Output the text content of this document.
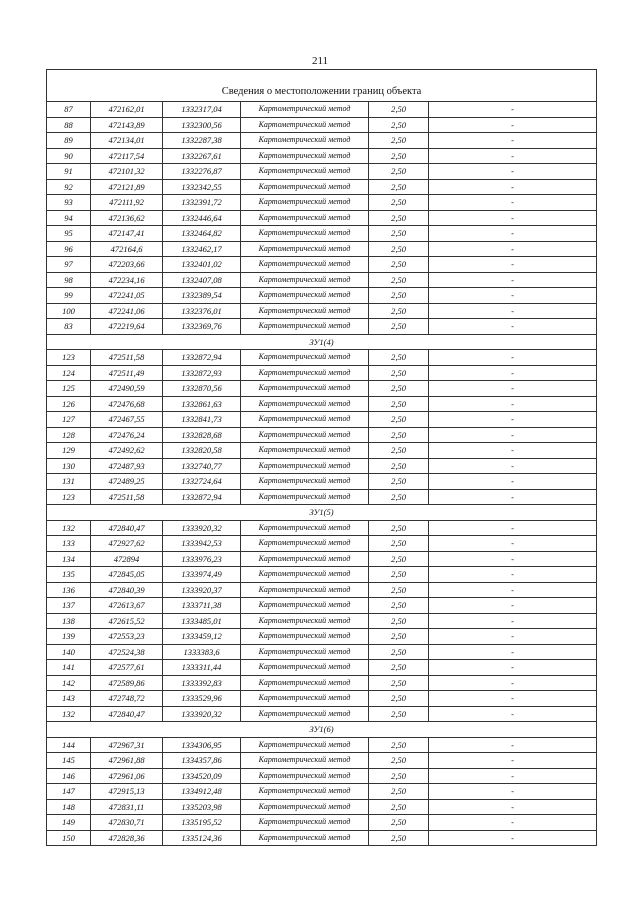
211
Сведения о местоположении границ объекта					
87	472162,01	1332317,04	Картометрический метод	2,50	-
88	472143,89	1332300,56	Картометрический метод	2,50	-
89	472134,01	1332287,38	Картометрический метод	2,50	-
90	472117,54	1332267,61	Картометрический метод	2,50	-
91	472101,32	1332276,87	Картометрический метод	2,50	-
92	472121,89	1332342,55	Картометрический метод	2,50	-
93	472111,92	1332391,72	Картометрический метод	2,50	-
94	472136,62	1332446,64	Картометрический метод	2,50	-
95	472147,41	1332464,82	Картометрический метод	2,50	-
96	472164,6	1332462,17	Картометрический метод	2,50	-
97	472203,66	1332401,02	Картометрический метод	2,50	-
98	472234,16	1332407,08	Картометрический метод	2,50	-
99	472241,05	1332389,54	Картометрический метод	2,50	-
100	472241,06	1332376,01	Картометрический метод	2,50	-
83	472219,64	1332369,76	Картометрический метод	2,50	-
ЗУ1(4)					
123	472511,58	1332872,94	Картометрический метод	2,50	-
124	472511,49	1332872,93	Картометрический метод	2,50	-
125	472490,59	1332870,56	Картометрический метод	2,50	-
126	472476,68	1332861,63	Картометрический метод	2,50	-
127	472467,55	1332841,73	Картометрический метод	2,50	-
128	472476,24	1332828,68	Картометрический метод	2,50	-
129	472492,62	1332820,58	Картометрический метод	2,50	-
130	472487,93	1332740,77	Картометрический метод	2,50	-
131	472489,25	1332724,64	Картометрический метод	2,50	-
123	472511,58	1332872,94	Картометрический метод	2,50	-
ЗУ1(5)					
132	472840,47	1333920,32	Картометрический метод	2,50	-
133	472927,62	1333942,53	Картометрический метод	2,50	-
134	472894	1333976,23	Картометрический метод	2,50	-
135	472845,05	1333974,49	Картометрический метод	2,50	-
136	472840,39	1333920,37	Картометрический метод	2,50	-
137	472613,67	1333711,38	Картометрический метод	2,50	-
138	472615,52	1333485,01	Картометрический метод	2,50	-
139	472553,23	1333459,12	Картометрический метод	2,50	-
140	472524,38	1333383,6	Картометрический метод	2,50	-
141	472577,61	1333311,44	Картометрический метод	2,50	-
142	472589,86	1333392,83	Картометрический метод	2,50	-
143	472748,72	1333529,96	Картометрический метод	2,50	-
132	472840,47	1333920,32	Картометрический метод	2,50	-
ЗУ1(6)					
144	472967,31	1334306,95	Картометрический метод	2,50	-
145	472961,88	1334357,86	Картометрический метод	2,50	-
146	472961,06	1334520,09	Картометрический метод	2,50	-
147	472915,13	1334912,48	Картометрический метод	2,50	-
148	472831,11	1335203,98	Картометрический метод	2,50	-
149	472830,71	1335195,52	Картометрический метод	2,50	-
150	472828,36	1335124,36	Картометрический метод	2,50	-
